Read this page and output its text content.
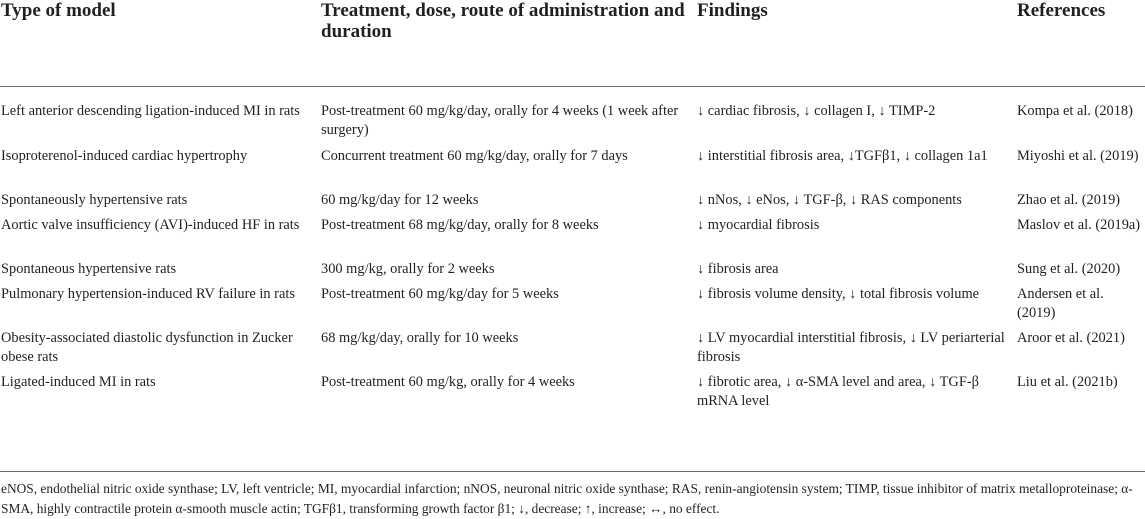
Type of model	Treatment, dose, route of administration and duration	Findings	References
Left anterior descending ligation-induced MI in rats	Post-treatment 60 mg/kg/day, orally for 4 weeks (1 week after surgery)	↓ cardiac fibrosis, ↓ collagen I, ↓ TIMP-2	Kompa et al. (2018)
Isoproterenol-induced cardiac hypertrophy	Concurrent treatment 60 mg/kg/day, orally for 7 days	↓ interstitial fibrosis area, ↓TGFβ1, ↓ collagen 1a1	Miyoshi et al. (2019)
Spontaneously hypertensive rats	60 mg/kg/day for 12 weeks	↓ nNos, ↓ eNos, ↓ TGF-β, ↓ RAS components	Zhao et al. (2019)
Aortic valve insufficiency (AVI)-induced HF in rats	Post-treatment 68 mg/kg/day, orally for 8 weeks	↓ myocardial fibrosis	Maslov et al. (2019a)
Spontaneous hypertensive rats	300 mg/kg, orally for 2 weeks	↓ fibrosis area	Sung et al. (2020)
Pulmonary hypertension-induced RV failure in rats	Post-treatment 60 mg/kg/day for 5 weeks	↓ fibrosis volume density, ↓ total fibrosis volume	Andersen et al. (2019)
Obesity-associated diastolic dysfunction in Zucker obese rats	68 mg/kg/day, orally for 10 weeks	↓ LV myocardial interstitial fibrosis, ↓ LV periarterial fibrosis	Aroor et al. (2021)
Ligated-induced MI in rats	Post-treatment 60 mg/kg, orally for 4 weeks	↓ fibrotic area, ↓ α-SMA level and area, ↓ TGF-β mRNA level	Liu et al. (2021b)
eNOS, endothelial nitric oxide synthase; LV, left ventricle; MI, myocardial infarction; nNOS, neuronal nitric oxide synthase; RAS, renin-angiotensin system; TIMP, tissue inhibitor of matrix metalloproteinase; α-SMA, highly contractile protein α-smooth muscle actin; TGFβ1, transforming growth factor β1; ↓, decrease; ↑, increase; ↔, no effect.
